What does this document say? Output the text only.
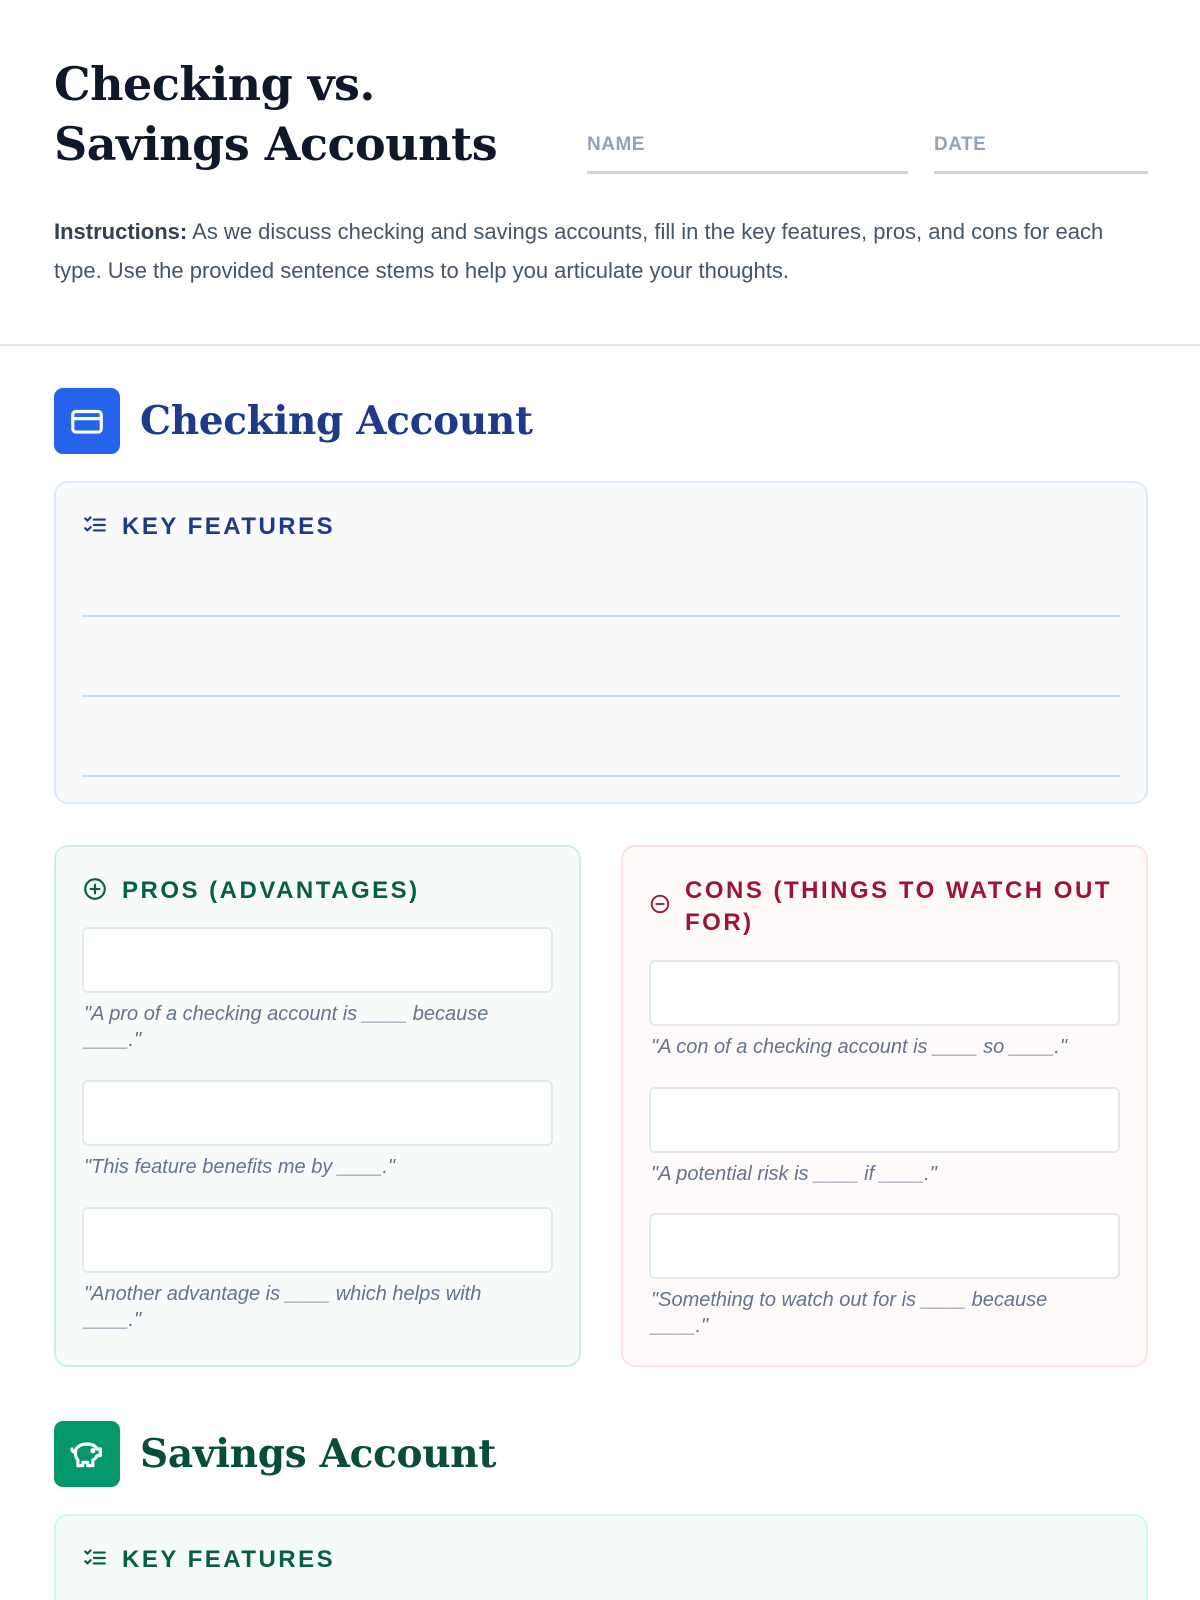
Checking vs. Savings Accounts	NAME	DATE

Instructions: As we discuss checking and savings accounts, fill in the key features, pros, and cons for each type. Use the provided sentence stems to help you articulate your thoughts.

Checking Account
KEY FEATURES
PROS (ADVANTAGES)

"A pro of a checking account is ____ because ____."

"This feature benefits me by ____."

"Another advantage is ____ which helps with ____."

CONS (THINGS TO WATCH OUT FOR)

"A con of a checking account is ____ so ____."

"A potential risk is ____ if ____."

"Something to watch out for is ____ because ____."

Savings Account
KEY FEATURES
